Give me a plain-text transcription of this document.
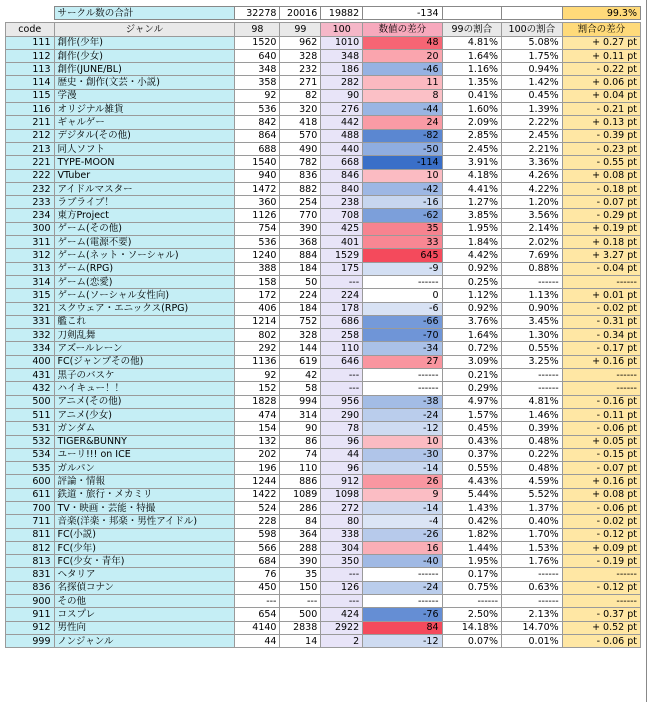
	サークル数の合計	32278	20016	19882	-134			99.3%

code	ジャンル	98	99	100	数値の差分	99の割合	100の割合	割合の差分
111	創作(少年)	1520	962	1010	48	4.81%	5.08%	+ 0.27 pt
112	創作(少女)	640	328	348	20	1.64%	1.75%	+ 0.11 pt
113	創作(JUNE/BL)	348	232	186	-46	1.16%	0.94%	- 0.22 pt
114	歴史・創作(文芸・小説)	358	271	282	11	1.35%	1.42%	+ 0.06 pt
115	学漫	92	82	90	8	0.41%	0.45%	+ 0.04 pt
116	オリジナル雑貨	536	320	276	-44	1.60%	1.39%	- 0.21 pt
211	ギャルゲー	842	418	442	24	2.09%	2.22%	+ 0.13 pt
212	デジタル(その他)	864	570	488	-82	2.85%	2.45%	- 0.39 pt
213	同人ソフト	688	490	440	-50	2.45%	2.21%	- 0.23 pt
221	TYPE-MOON	1540	782	668	-114	3.91%	3.36%	- 0.55 pt
222	VTuber	940	836	846	10	4.18%	4.26%	+ 0.08 pt
232	アイドルマスター	1472	882	840	-42	4.41%	4.22%	- 0.18 pt
233	ラブライブ！	360	254	238	-16	1.27%	1.20%	- 0.07 pt
234	東方Project	1126	770	708	-62	3.85%	3.56%	- 0.29 pt
300	ゲーム(その他)	754	390	425	35	1.95%	2.14%	+ 0.19 pt
311	ゲーム(電源不要)	536	368	401	33	1.84%	2.02%	+ 0.18 pt
312	ゲーム(ネット・ソーシャル)	1240	884	1529	645	4.42%	7.69%	+ 3.27 pt
313	ゲーム(RPG)	388	184	175	-9	0.92%	0.88%	- 0.04 pt
314	ゲーム(恋愛)	158	50	---	------	0.25%	------	------
315	ゲーム(ソーシャル女性向)	172	224	224	0	1.12%	1.13%	+ 0.01 pt
321	スクウェア・エニックス(RPG)	406	184	178	-6	0.92%	0.90%	- 0.02 pt
331	艦これ	1214	752	686	-66	3.76%	3.45%	- 0.31 pt
332	刀剣乱舞	802	328	258	-70	1.64%	1.30%	- 0.34 pt
334	アズールレーン	292	144	110	-34	0.72%	0.55%	- 0.17 pt
400	FC(ジャンプその他)	1136	619	646	27	3.09%	3.25%	+ 0.16 pt
431	黒子のバスケ	92	42	---	------	0.21%	------	------
432	ハイキュー！！	152	58	---	------	0.29%	------	------
500	アニメ(その他)	1828	994	956	-38	4.97%	4.81%	- 0.16 pt
511	アニメ(少女)	474	314	290	-24	1.57%	1.46%	- 0.11 pt
531	ガンダム	154	90	78	-12	0.45%	0.39%	- 0.06 pt
532	TIGER&BUNNY	132	86	96	10	0.43%	0.48%	+ 0.05 pt
534	ユーリ!!! on ICE	202	74	44	-30	0.37%	0.22%	- 0.15 pt
535	ガルパン	196	110	96	-14	0.55%	0.48%	- 0.07 pt
600	評論・情報	1244	886	912	26	4.43%	4.59%	+ 0.16 pt
611	鉄道・旅行・メカミリ	1422	1089	1098	9	5.44%	5.52%	+ 0.08 pt
700	TV・映画・芸能・特撮	524	286	272	-14	1.43%	1.37%	- 0.06 pt
711	音楽(洋楽・邦楽・男性アイドル)	228	84	80	-4	0.42%	0.40%	- 0.02 pt
811	FC(小説)	598	364	338	-26	1.82%	1.70%	- 0.12 pt
812	FC(少年)	566	288	304	16	1.44%	1.53%	+ 0.09 pt
813	FC(少女・青年)	684	390	350	-40	1.95%	1.76%	- 0.19 pt
831	ヘタリア	76	35	---	------	0.17%	------	------
836	名探偵コナン	450	150	126	-24	0.75%	0.63%	- 0.12 pt
900	その他	---	---	---	------	------	------	------
911	コスプレ	654	500	424	-76	2.50%	2.13%	- 0.37 pt
912	男性向	4140	2838	2922	84	14.18%	14.70%	+ 0.52 pt
999	ノンジャンル	44	14	2	-12	0.07%	0.01%	- 0.06 pt
